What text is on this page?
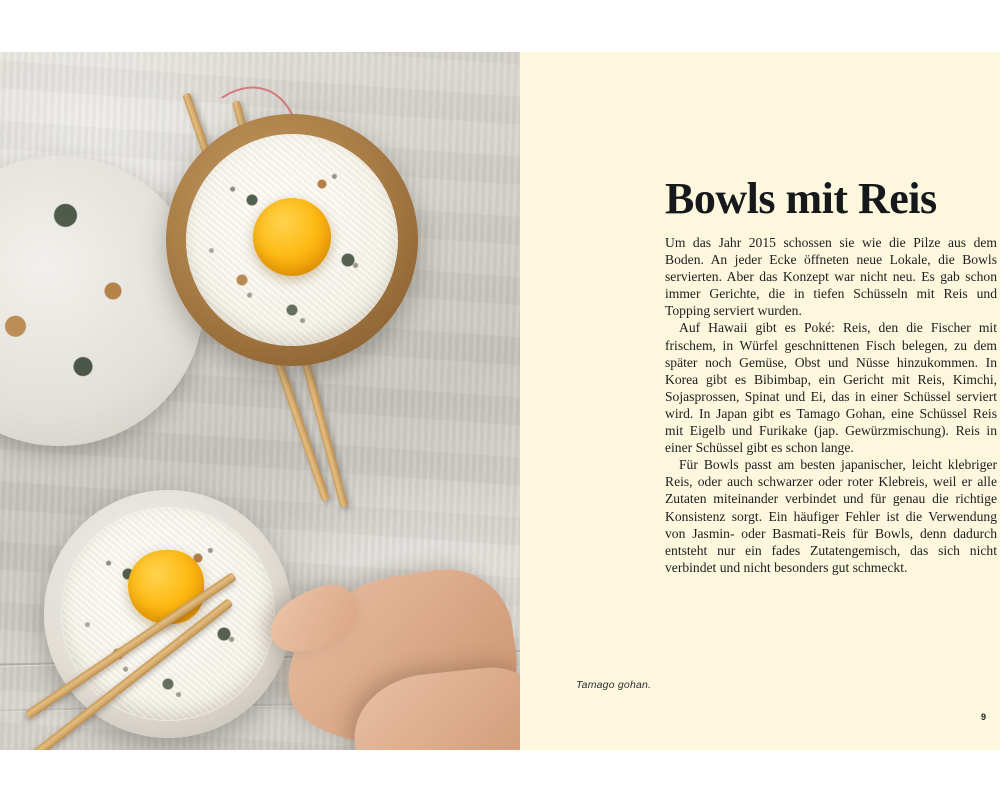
Bowls mit Reis

Um das Jahr 2015 schossen sie wie die Pilze aus dem Boden. An jeder Ecke öffneten neue Lokale, die Bowls servierten. Aber das Konzept war nicht neu. Es gab schon immer Gerichte, die in tiefen Schüsseln mit Reis und Topping serviert wurden.

Auf Hawaii gibt es Poké: Reis, den die Fischer mit frischem, in Würfel geschnittenen Fisch belegen, zu dem später noch Gemüse, Obst und Nüsse hinzukommen. In Korea gibt es Bibimbap, ein Gericht mit Reis, Kimchi, Sojasprossen, Spinat und Ei, das in einer Schüssel serviert wird. In Japan gibt es Tamago Gohan, eine Schüssel Reis mit Eigelb und Furikake (jap. Gewürzmischung). Reis in einer Schüssel gibt es schon lange.

Für Bowls passt am besten japanischer, leicht klebriger Reis, oder auch schwarzer oder roter Klebreis, weil er alle Zutaten miteinander verbindet und für genau die richtige Konsistenz sorgt. Ein häufiger Fehler ist die Verwendung von Jasmin- oder Basmati-Reis für Bowls, denn dadurch entsteht nur ein fades Zutatengemisch, das sich nicht verbindet und nicht besonders gut schmeckt.

Tamago gohan.
9
